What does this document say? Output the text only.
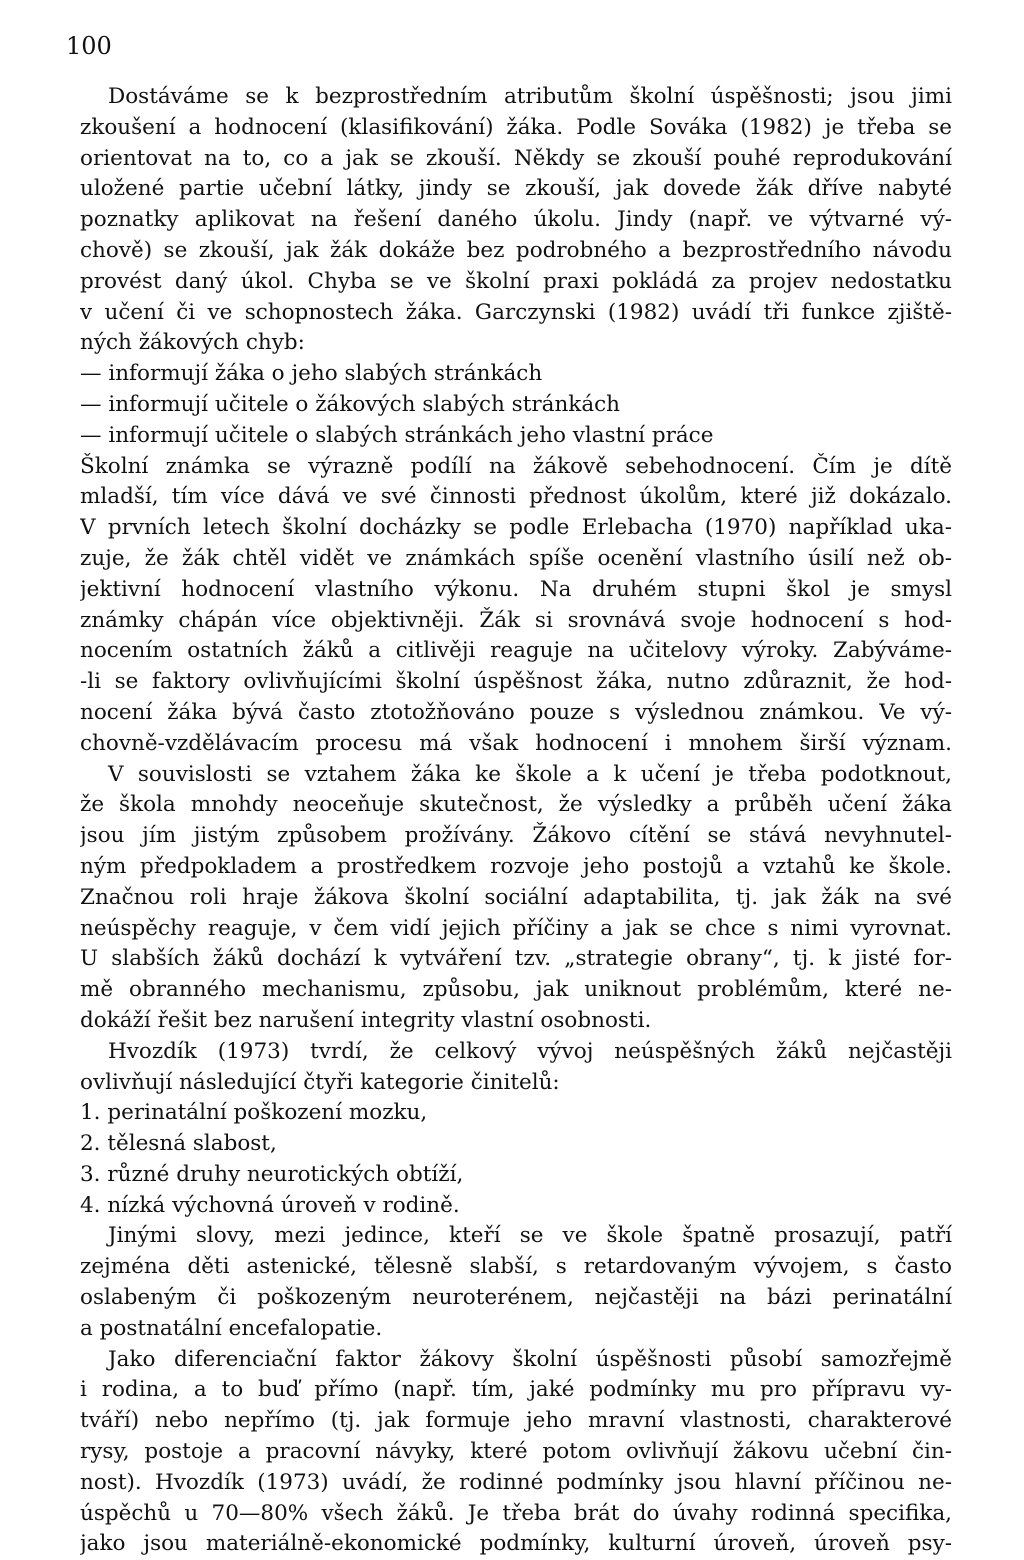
100
Dostáváme se k bezprostředním atributům školní úspěšnosti; jsou jimi
zkoušení a hodnocení (klasifikování) žáka. Podle Sováka (1982) je třeba se
orientovat na to, co a jak se zkouší. Někdy se zkouší pouhé reprodukování
uložené partie učební látky, jindy se zkouší, jak dovede žák dříve nabyté
poznatky aplikovat na řešení daného úkolu. Jindy (např. ve výtvarné vý-
chově) se zkouší, jak žák dokáže bez podrobného a bezprostředního návodu
provést daný úkol. Chyba se ve školní praxi pokládá za projev nedostatku
v učení či ve schopnostech žáka. Garczynski (1982) uvádí tři funkce zjiště-
ných žákových chyb:
— informují žáka o jeho slabých stránkách
— informují učitele o žákových slabých stránkách
— informují učitele o slabých stránkách jeho vlastní práce
Školní známka se výrazně podílí na žákově sebehodnocení. Čím je dítě
mladší, tím více dává ve své činnosti přednost úkolům, které již dokázalo.
V prvních letech školní docházky se podle Erlebacha (1970) například uka-
zuje, že žák chtěl vidět ve známkách spíše ocenění vlastního úsilí než ob-
jektivní hodnocení vlastního výkonu. Na druhém stupni škol je smysl
známky chápán více objektivněji. Žák si srovnává svoje hodnocení s hod-
nocením ostatních žáků a citlivěji reaguje na učitelovy výroky. Zabýváme-
-li se faktory ovlivňujícími školní úspěšnost žáka, nutno zdůraznit, že hod-
nocení žáka bývá často ztotožňováno pouze s výslednou známkou. Ve vý-
chovně-vzdělávacím procesu má však hodnocení i mnohem širší význam.
V souvislosti se vztahem žáka ke škole a k učení je třeba podotknout,
že škola mnohdy neoceňuje skutečnost, že výsledky a průběh učení žáka
jsou jím jistým způsobem prožívány. Žákovo cítění se stává nevyhnutel-
ným předpokladem a prostředkem rozvoje jeho postojů a vztahů ke škole.
Značnou roli hraje žákova školní sociální adaptabilita, tj. jak žák na své
neúspěchy reaguje, v čem vidí jejich příčiny a jak se chce s nimi vyrovnat.
U slabších žáků dochází k vytváření tzv. „strategie obrany“, tj. k jisté for-
mě obranného mechanismu, způsobu, jak uniknout problémům, které ne-
dokáží řešit bez narušení integrity vlastní osobnosti.
Hvozdík (1973) tvrdí, že celkový vývoj neúspěšných žáků nejčastěji
ovlivňují následující čtyři kategorie činitelů:
1. perinatální poškození mozku,
2. tělesná slabost,
3. různé druhy neurotických obtíží,
4. nízká výchovná úroveň v rodině.
Jinými slovy, mezi jedince, kteří se ve škole špatně prosazují, patří
zejména děti astenické, tělesně slabší, s retardovaným vývojem, s často
oslabeným či poškozeným neuroterénem, nejčastěji na bázi perinatální
a postnatální encefalopatie.
Jako diferenciační faktor žákovy školní úspěšnosti působí samozřejmě
i rodina, a to buď přímo (např. tím, jaké podmínky mu pro přípravu vy-
tváří) nebo nepřímo (tj. jak formuje jeho mravní vlastnosti, charakterové
rysy, postoje a pracovní návyky, které potom ovlivňují žákovu učební čin-
nost). Hvozdík (1973) uvádí, že rodinné podmínky jsou hlavní příčinou ne-
úspěchů u 70—80% všech žáků. Je třeba brát do úvahy rodinná specifika,
jako jsou materiálně-ekonomické podmínky, kulturní úroveň, úroveň psy-
